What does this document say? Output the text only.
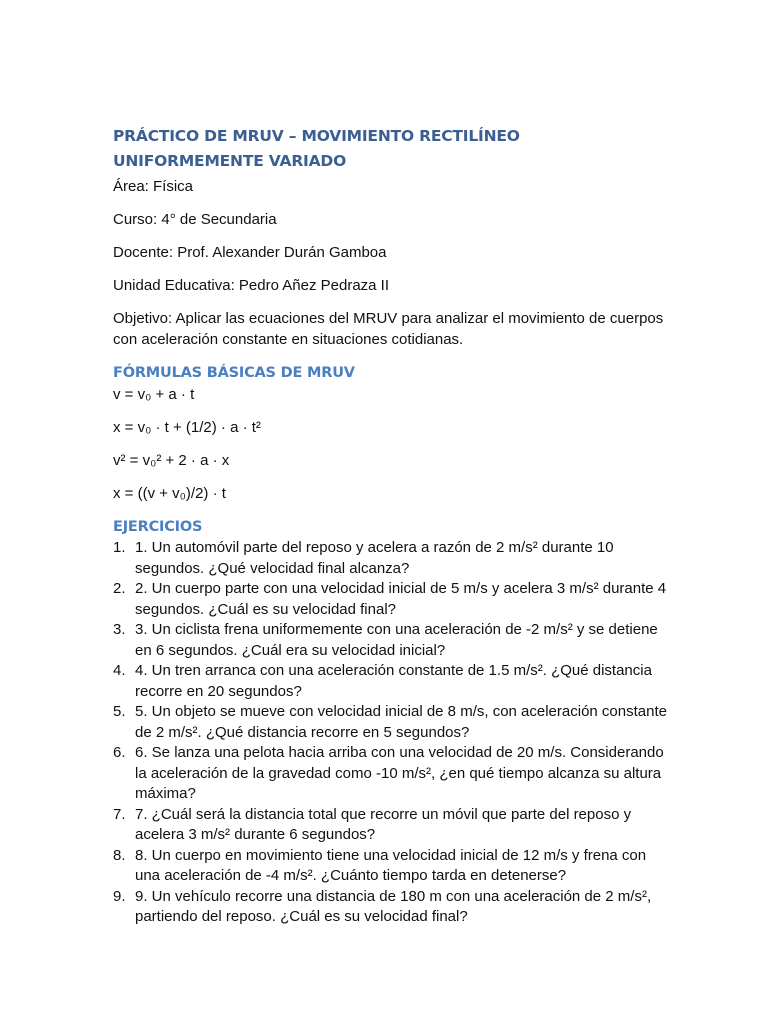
PRÁCTICO DE MRUV – MOVIMIENTO RECTILÍNEO UNIFORMEMENTE VARIADO

Área: Física

Curso: 4° de Secundaria

Docente: Prof. Alexander Durán Gamboa

Unidad Educativa: Pedro Añez Pedraza II

Objetivo: Aplicar las ecuaciones del MRUV para analizar el movimiento de cuerpos con aceleración constante en situaciones cotidianas.

FÓRMULAS BÁSICAS DE MRUV

v = v₀ + a · t

x = v₀ · t + (1/2) · a · t²

v² = v₀² + 2 · a · x

x = ((v + v₀)/2) · t

EJERCICIOS
1. 1. Un automóvil parte del reposo y acelera a razón de 2 m/s² durante 10 segundos. ¿Qué velocidad final alcanza?
2. 2. Un cuerpo parte con una velocidad inicial de 5 m/s y acelera 3 m/s² durante 4 segundos. ¿Cuál es su velocidad final?
3. 3. Un ciclista frena uniformemente con una aceleración de -2 m/s² y se detiene en 6 segundos. ¿Cuál era su velocidad inicial?
4. 4. Un tren arranca con una aceleración constante de 1.5 m/s². ¿Qué distancia recorre en 20 segundos?
5. 5. Un objeto se mueve con velocidad inicial de 8 m/s, con aceleración constante de 2 m/s². ¿Qué distancia recorre en 5 segundos?
6. 6. Se lanza una pelota hacia arriba con una velocidad de 20 m/s. Considerando la aceleración de la gravedad como -10 m/s², ¿en qué tiempo alcanza su altura máxima?
7. 7. ¿Cuál será la distancia total que recorre un móvil que parte del reposo y acelera 3 m/s² durante 6 segundos?
8. 8. Un cuerpo en movimiento tiene una velocidad inicial de 12 m/s y frena con una aceleración de -4 m/s². ¿Cuánto tiempo tarda en detenerse?
9. 9. Un vehículo recorre una distancia de 180 m con una aceleración de 2 m/s², partiendo del reposo. ¿Cuál es su velocidad final?
